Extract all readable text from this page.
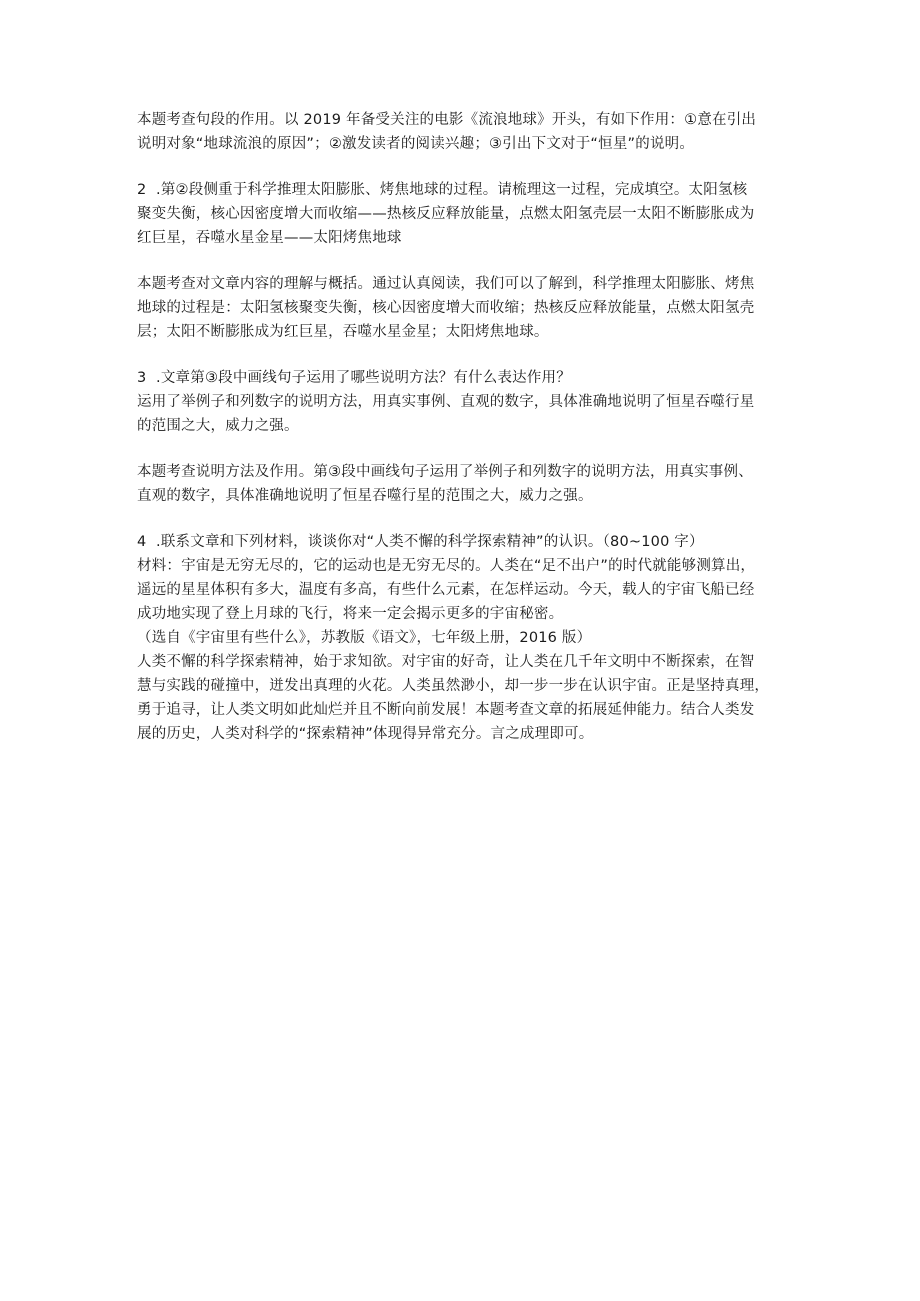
本题考查句段的作用。以 2019 年备受关注的电影《流浪地球》开头，有如下作用：①意在引出
说明对象“地球流浪的原因”；②激发读者的阅读兴趣；③引出下文对于“恒星”的说明。
2  .第②段侧重于科学推理太阳膨胀、烤焦地球的过程。请梳理这一过程，完成填空。太阳氢核
聚变失衡，核心因密度增大而收缩——热核反应释放能量，点燃太阳氢壳层一太阳不断膨胀成为
红巨星，吞噬水星金星——太阳烤焦地球
本题考查对文章内容的理解与概括。通过认真阅读，我们可以了解到，科学推理太阳膨胀、烤焦
地球的过程是：太阳氢核聚变失衡，核心因密度增大而收缩；热核反应释放能量，点燃太阳氢壳
层；太阳不断膨胀成为红巨星，吞噬水星金星；太阳烤焦地球。
3  .文章第③段中画线句子运用了哪些说明方法？有什么表达作用？
运用了举例子和列数字的说明方法，用真实事例、直观的数字，具体准确地说明了恒星吞噬行星
的范围之大，威力之强。
本题考查说明方法及作用。第③段中画线句子运用了举例子和列数字的说明方法，用真实事例、
直观的数字，具体准确地说明了恒星吞噬行星的范围之大，威力之强。
4  .联系文章和下列材料，谈谈你对“人类不懈的科学探索精神”的认识。（80~100 字）
材料：宇宙是无穷无尽的，它的运动也是无穷无尽的。人类在“足不出户”的时代就能够测算出，
遥远的星星体积有多大，温度有多高，有些什么元素，在怎样运动。今天，载人的宇宙飞船已经
成功地实现了登上月球的飞行，将来一定会揭示更多的宇宙秘密。
（选自《宇宙里有些什么》，苏教版《语文》，七年级上册，2016 版）
人类不懈的科学探索精神，始于求知欲。对宇宙的好奇，让人类在几千年文明中不断探索，在智
慧与实践的碰撞中，迸发出真理的火花。人类虽然渺小，却一步一步在认识宇宙。正是坚持真理，
勇于追寻，让人类文明如此灿烂并且不断向前发展！本题考查文章的拓展延伸能力。结合人类发
展的历史，人类对科学的“探索精神”体现得异常充分。言之成理即可。
